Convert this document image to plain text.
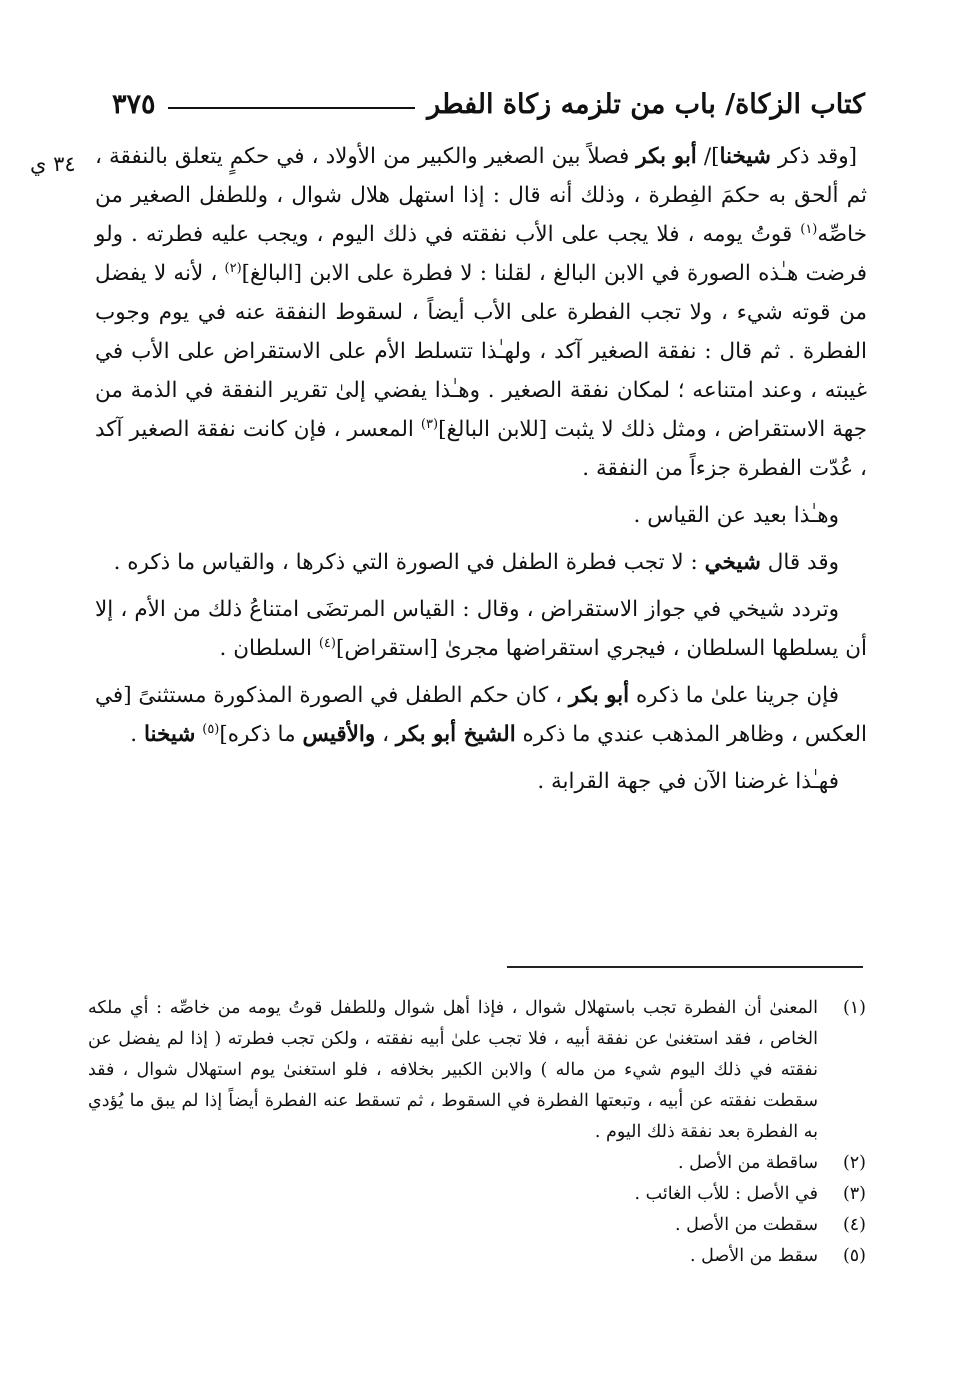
كتاب الزكاة/ باب من تلزمه زكاة الفطر
٣٧٥
٣٤ ي	[وقد ذكر شيخنا]/ أبو بكر فصلاً بين الصغير والكبير من الأولاد ، في حكمٍ يتعلق بالنفقة ، ثم ألحق به حكمَ الفِطرة ، وذلك أنه قال : إذا استهل هلال شوال ، وللطفل الصغير من خاصِّه$^{(١)}$ قوتُ يومه ، فلا يجب على الأب نفقته في ذلك اليوم ، ويجب عليه فطرته . ولو فرضت هـٰذه الصورة في الابن البالغ ، لقلنا : لا فطرة على الابن [البالغ]$^{(٢)}$ ، لأنه لا يفضل من قوته شيء ، ولا تجب الفطرة على الأب أيضاً ، لسقوط النفقة عنه في يوم وجوب الفطرة . ثم قال : نفقة الصغير آكد ، ولهـٰذا تتسلط الأم على الاستقراض على الأب في غيبته ، وعند امتناعه ؛ لمكان نفقة الصغير . وهـٰذا يفضي إلىٰ تقرير النفقة في الذمة من جهة الاستقراض ، ومثل ذلك لا يثبت [للابن البالغ]$^{(٣)}$ المعسر ، فإن كانت نفقة الصغير آكد ، عُدّت الفطرة جزءاً من النفقة .

وهـٰذا بعيد عن القياس .

وقد قال شيخي : لا تجب فطرة الطفل في الصورة التي ذكرها ، والقياس ما ذكره .

وتردد شيخي في جواز الاستقراض ، وقال : القياس المرتضَى امتناعُ ذلك من الأم ، إلا أن يسلطها السلطان ، فيجري استقراضها مجرىٰ [استقراض]$^{(٤)}$ السلطان .

فإن جرينا علىٰ ما ذكره أبو بكر ، كان حكم الطفل في الصورة المذكورة مستثنىً [في العكس ، وظاهر المذهب عندي ما ذكره الشيخ أبو بكر ، والأقيس ما ذكره]$^{(٥)}$ شيخنا .

فهـٰذا غرضنا الآن في جهة القرابة .

(١)
المعنىٰ أن الفطرة تجب باستهلال شوال ، فإذا أهل شوال وللطفل قوتُ يومه من خاصِّه : أي ملكه الخاص ، فقد استغنىٰ عن نفقة أبيه ، فلا تجب علىٰ أبيه نفقته ، ولكن تجب فطرته ( إذا لم يفضل عن نفقته في ذلك اليوم شيء من ماله ) والابن الكبير بخلافه ، فلو استغنىٰ يوم استهلال شوال ، فقد سقطت نفقته عن أبيه ، وتبعتها الفطرة في السقوط ، ثم تسقط عنه الفطرة أيضاً إذا لم يبق ما يُؤدي به الفطرة بعد نفقة ذلك اليوم .
(٢)
ساقطة من الأصل .
(٣)
في الأصل : للأب الغائب .
(٤)
سقطت من الأصل .
(٥)
سقط من الأصل .
